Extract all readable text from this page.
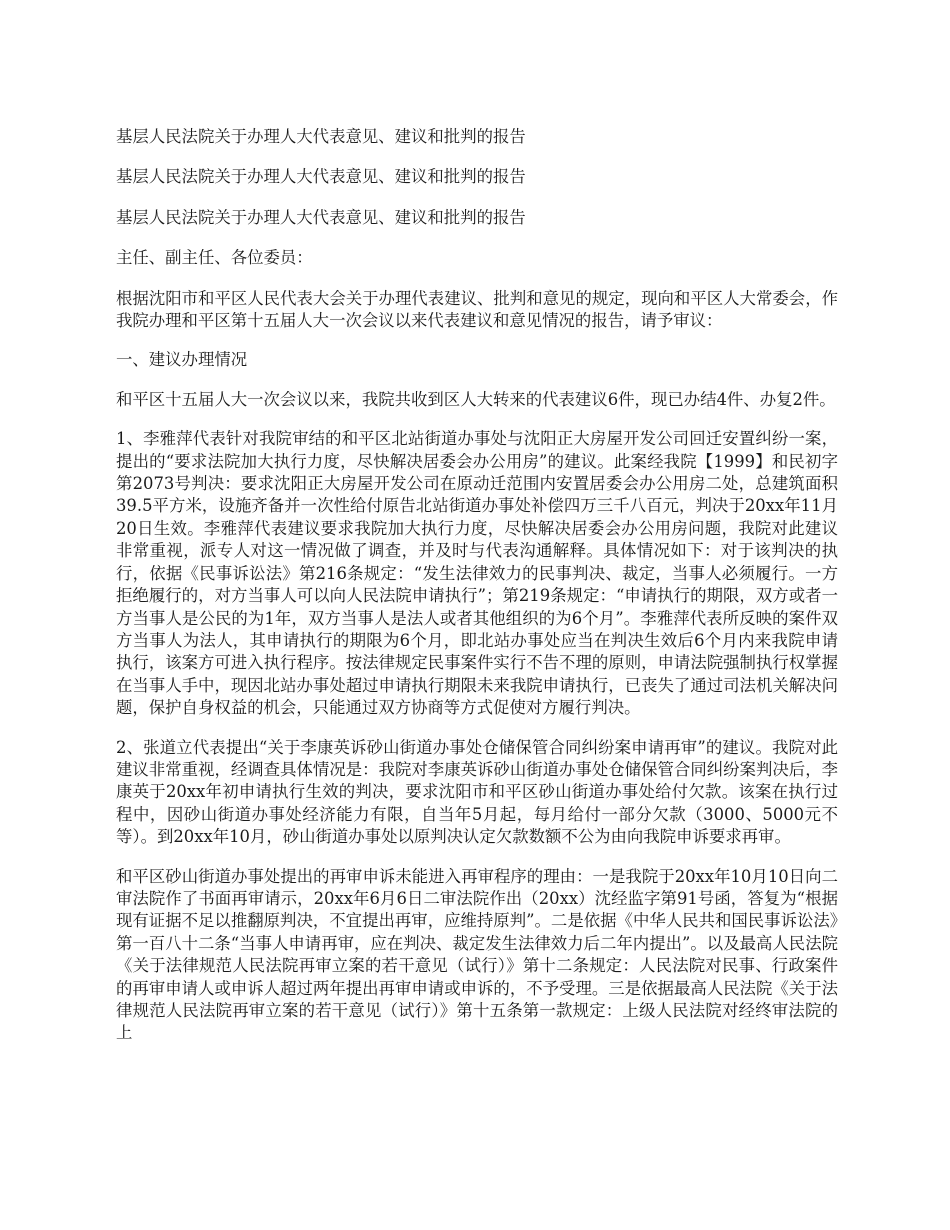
基层人民法院关于办理人大代表意见、建议和批判的报告

基层人民法院关于办理人大代表意见、建议和批判的报告

基层人民法院关于办理人大代表意见、建议和批判的报告

主任、副主任、各位委员：

根据沈阳市和平区人民代表大会关于办理代表建议、批判和意见的规定，现向和平区人大常委会，作我院办理和平区第十五届人大一次会议以来代表建议和意见情况的报告，请予审议：

一、建议办理情况

和平区十五届人大一次会议以来，我院共收到区人大转来的代表建议6件，现已办结4件、办复2件。

1、李雅萍代表针对我院审结的和平区北站街道办事处与沈阳正大房屋开发公司回迁安置纠纷一案，提出的“要求法院加大执行力度，尽快解决居委会办公用房”的建议。此案经我院【1999】和民初字第2073号判决：要求沈阳正大房屋开发公司在原动迁范围内安置居委会办公用房二处，总建筑面积39.5平方米，设施齐备并一次性给付原告北站街道办事处补偿四万三千八百元，判决于20xx年11月20日生效。李雅萍代表建议要求我院加大执行力度，尽快解决居委会办公用房问题，我院对此建议非常重视，派专人对这一情况做了调查，并及时与代表沟通解释。具体情况如下：对于该判决的执行，依据《民事诉讼法》第216条规定：“发生法律效力的民事判决、裁定，当事人必须履行。一方拒绝履行的，对方当事人可以向人民法院申请执行”；第219条规定：“申请执行的期限，双方或者一方当事人是公民的为1年，双方当事人是法人或者其他组织的为6个月”。李雅萍代表所反映的案件双方当事人为法人，其申请执行的期限为6个月，即北站办事处应当在判决生效后6个月内来我院申请执行，该案方可进入执行程序。按法律规定民事案件实行不告不理的原则，申请法院强制执行权掌握在当事人手中，现因北站办事处超过申请执行期限未来我院申请执行，已丧失了通过司法机关解决问题，保护自身权益的机会，只能通过双方协商等方式促使对方履行判决。

2、张道立代表提出“关于李康英诉砂山街道办事处仓储保管合同纠纷案申请再审”的建议。我院对此建议非常重视，经调查具体情况是：我院对李康英诉砂山街道办事处仓储保管合同纠纷案判决后，李康英于20xx年初申请执行生效的判决，要求沈阳市和平区砂山街道办事处给付欠款。该案在执行过程中，因砂山街道办事处经济能力有限，自当年5月起，每月给付一部分欠款（3000、5000元不等）。到20xx年10月，砂山街道办事处以原判决认定欠款数额不公为由向我院申诉要求再审。

和平区砂山街道办事处提出的再审申诉未能进入再审程序的理由：一是我院于20xx年10月10日向二审法院作了书面再审请示，20xx年6月6日二审法院作出（20xx）沈经监字第91号函，答复为“根据现有证据不足以推翻原判决，不宜提出再审，应维持原判”。二是依据《中华人民共和国民事诉讼法》第一百八十二条“当事人申请再审，应在判决、裁定发生法律效力后二年内提出”。以及最高人民法院《关于法律规范人民法院再审立案的若干意见（试行）》第十二条规定：人民法院对民事、行政案件的再审申请人或申诉人超过两年提出再审申请或申诉的，不予受理。三是依据最高人民法院《关于法律规范人民法院再审立案的若干意见（试行）》第十五条第一款规定：上级人民法院对经终审法院的上
